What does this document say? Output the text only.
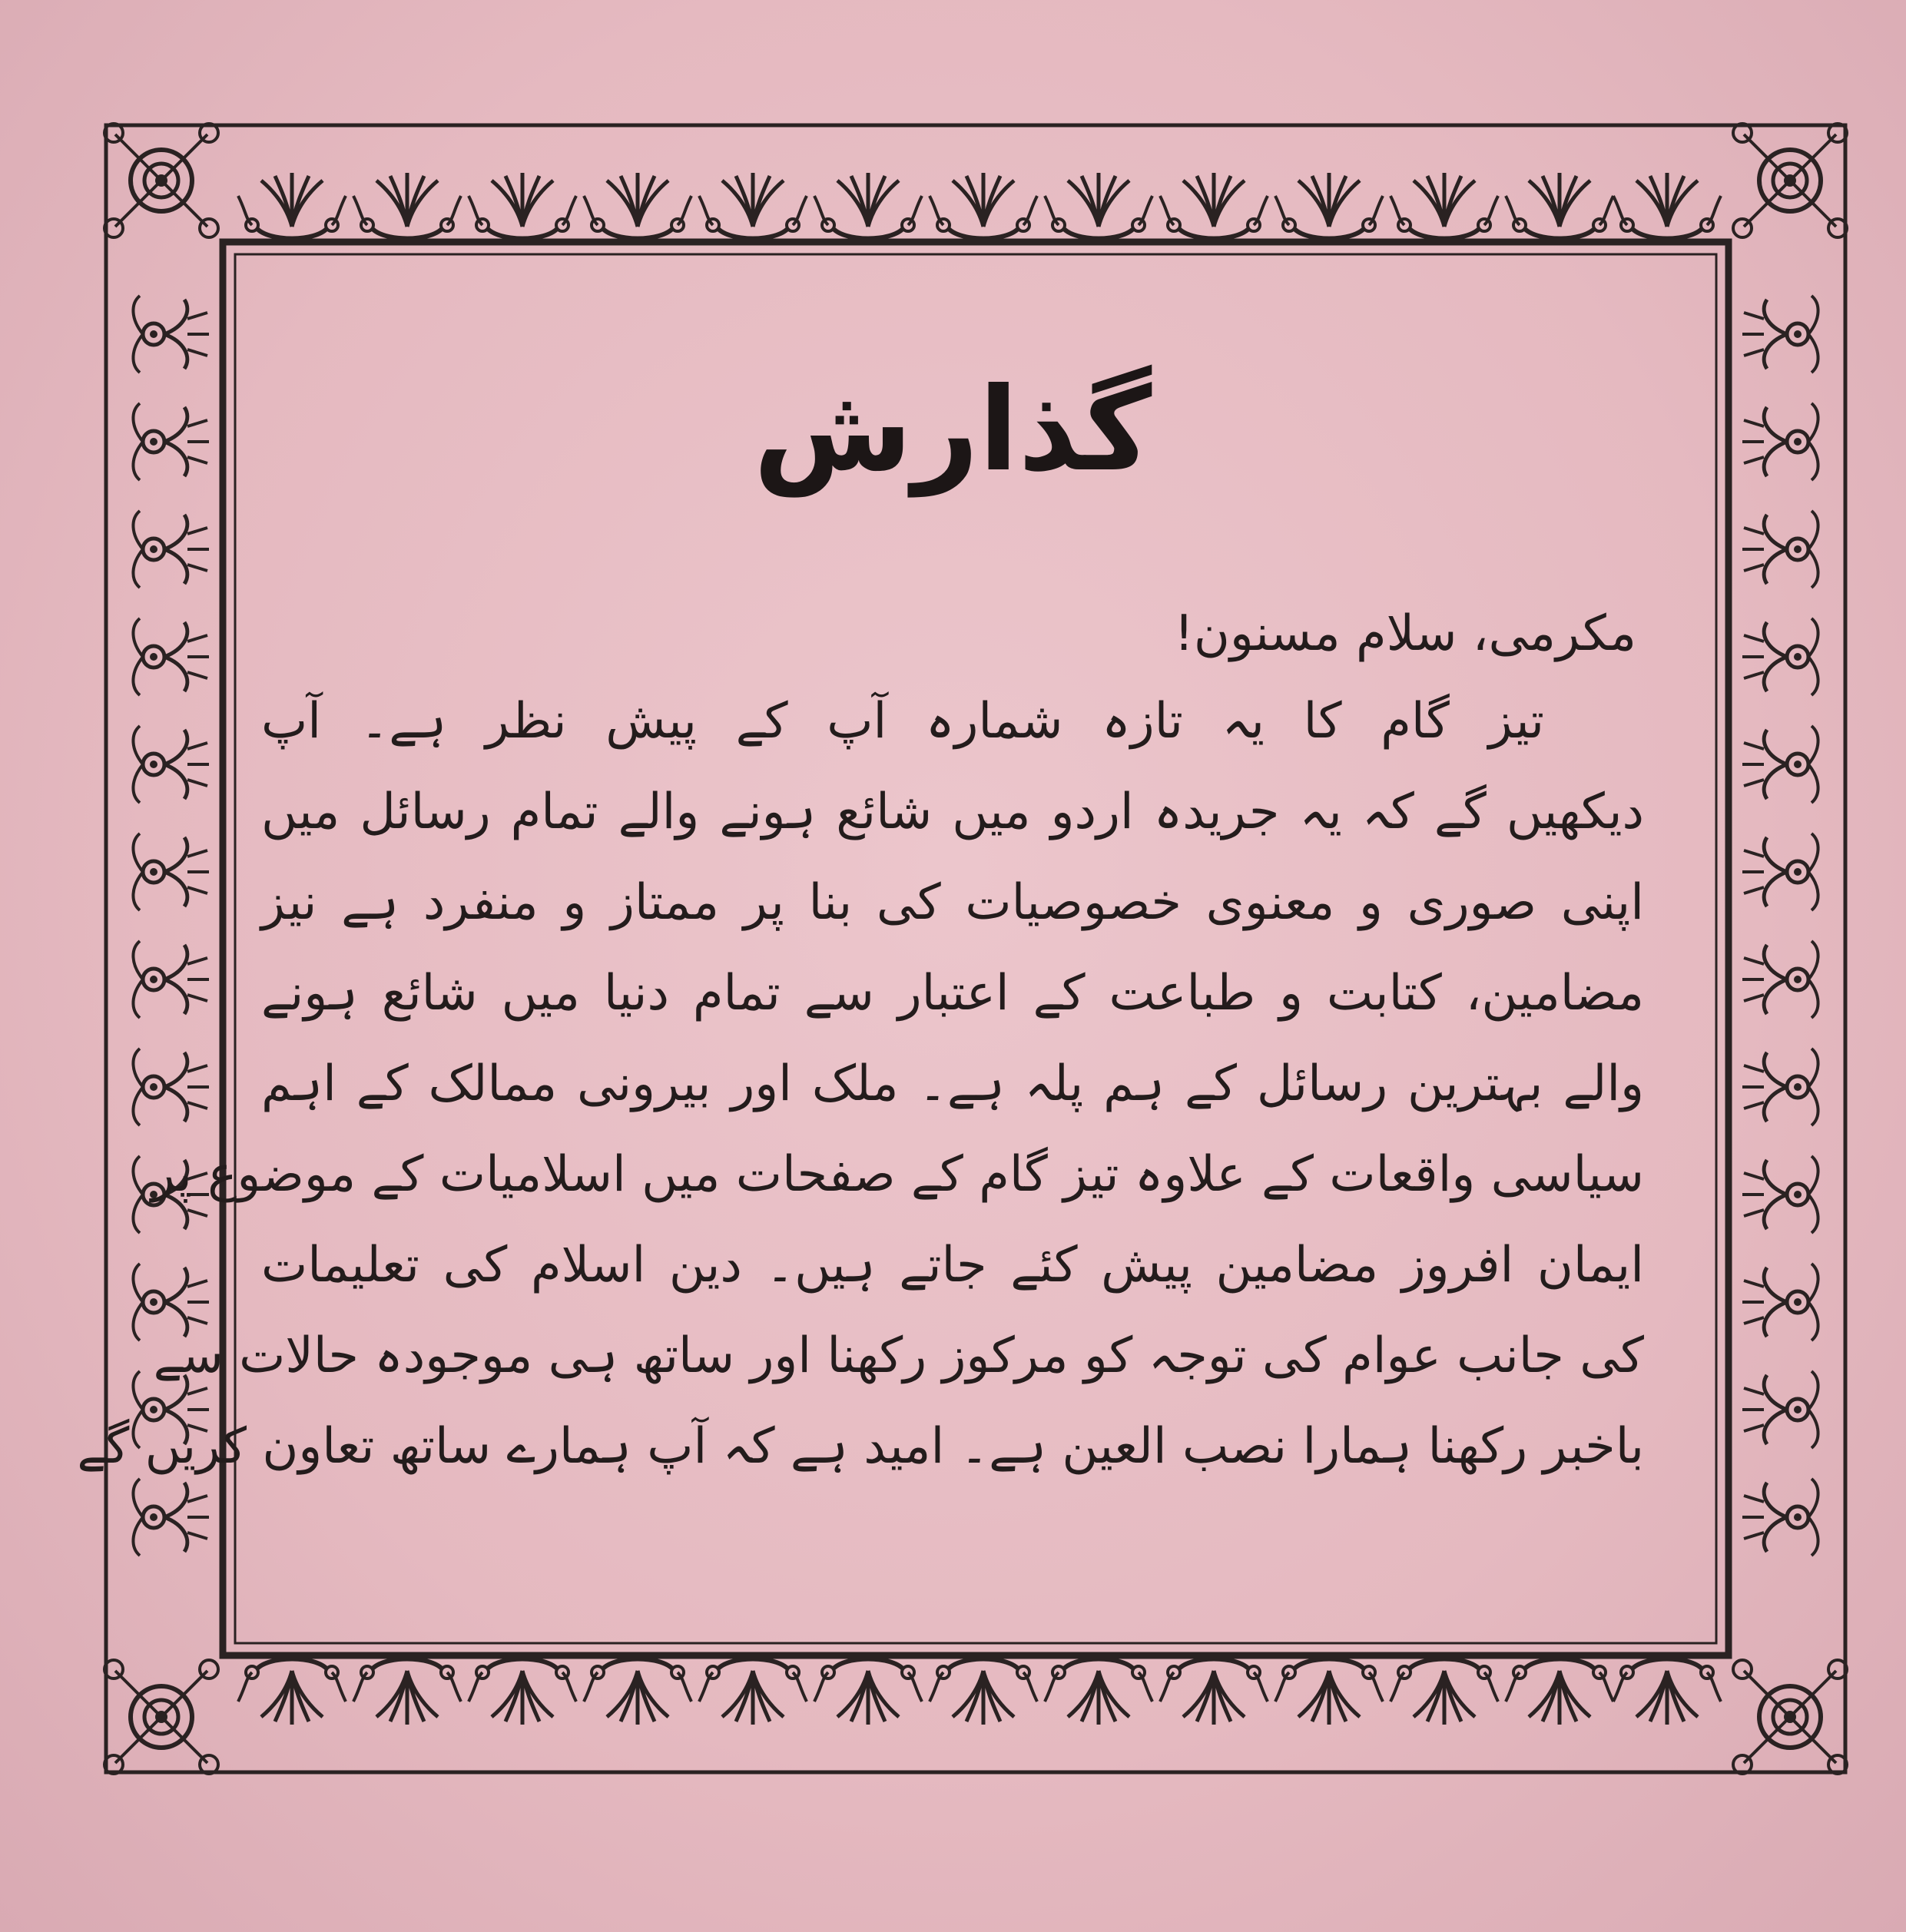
گذارش
مکرمی، سلام مسنون!
تیز گام کا یہ تازہ شمارہ آپ کے پیش نظر ہے۔ آپ
دیکھیں گے کہ یہ جریدہ اردو میں شائع ہونے والے تمام رسائل میں
اپنی صوری و معنوی خصوصیات کی بنا پر ممتاز و منفرد ہے نیز
مضامین، کتابت و طباعت کے اعتبار سے تمام دنیا میں شائع ہونے
والے بہترین رسائل کے ہم پلہ ہے۔ ملک اور بیرونی ممالک کے اہم
سیاسی واقعات کے علاوہ تیز گام کے صفحات میں اسلامیات کے موضوع پر
ایمان افروز مضامین پیش کئے جاتے ہیں۔ دین اسلام کی تعلیمات
کی جانب عوام کی توجہ کو مرکوز رکھنا اور ساتھ ہی موجودہ حالات سے
باخبر رکھنا ہمارا نصب العین ہے۔ امید ہے کہ آپ ہمارے ساتھ تعاون کریں گے
